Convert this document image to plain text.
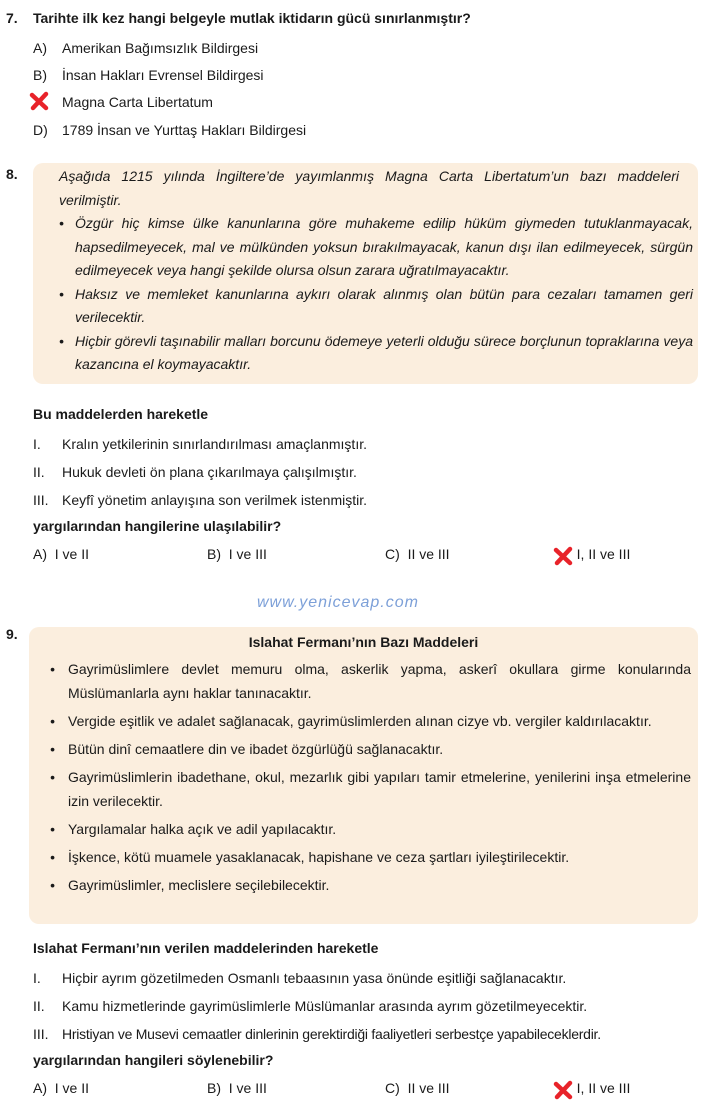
7. Tarihte ilk kez hangi belgeyle mutlak iktidarın gücü sınırlanmıştır?
A) Amerikan Bağımsızlık Bildirgesi
B) İnsan Hakları Evrensel Bildirgesi
Magna Carta Libertatum
D) 1789 İnsan ve Yurttaş Hakları Bildirgesi
8.	Aşağıda 1215 yılında İngiltere’de yayımlanmış Magna Carta Libertatum’un bazı maddeleri verilmiştir.
• Özgür hiç kimse ülke kanunlarına göre muhakeme edilip hüküm giymeden tutuklanmayacak, hapsedilmeyecek, mal ve mülkünden yoksun bırakılmayacak, kanun dışı ilan edilmeyecek, sürgün edilmeyecek veya hangi şekilde olursa olsun zarara uğratılmayacaktır.
• Haksız ve memleket kanunlarına aykırı olarak alınmış olan bütün para cezaları tamamen geri verilecektir.
• Hiçbir görevli taşınabilir malları borcunu ödemeye yeterli olduğu sürece borçlunun topraklarına veya kazancına el koymayacaktır.
Bu maddelerden hareketle
I. Kralın yetkilerinin sınırlandırılması amaçlanmıştır.
II. Hukuk devleti ön plana çıkarılmaya çalışılmıştır.
III. Keyfî yönetim anlayışına son verilmek istenmiştir.
yargılarından hangilerine ulaşılabilir?
A) I ve II	B) I ve III	C) II ve III	I, II ve III
www.yenicevap.com
9.	Islahat Fermanı’nın Bazı Maddeleri
• Gayrimüslimlere devlet memuru olma, askerlik yapma, askerî okullara girme konularında Müslümanlarla aynı haklar tanınacaktır.
• Vergide eşitlik ve adalet sağlanacak, gayrimüslimlerden alınan cizye vb. vergiler kaldırılacaktır.
• Bütün dinî cemaatlere din ve ibadet özgürlüğü sağlanacaktır.
• Gayrimüslimlerin ibadethane, okul, mezarlık gibi yapıları tamir etmelerine, yenilerini inşa etmelerine izin verilecektir.
• Yargılamalar halka açık ve adil yapılacaktır.
• İşkence, kötü muamele yasaklanacak, hapishane ve ceza şartları iyileştirilecektir.
• Gayrimüslimler, meclislere seçilebilecektir.
Islahat Fermanı’nın verilen maddelerinden hareketle
I. Hiçbir ayrım gözetilmeden Osmanlı tebaasının yasa önünde eşitliği sağlanacaktır.
II. Kamu hizmetlerinde gayrimüslimlerle Müslümanlar arasında ayrım gözetilmeyecektir.
III. Hristiyan ve Musevi cemaatler dinlerinin gerektirdiği faaliyetleri serbestçe yapabileceklerdir.
yargılarından hangileri söylenebilir?
A) I ve II	B) I ve III	C) II ve III	I, II ve III
